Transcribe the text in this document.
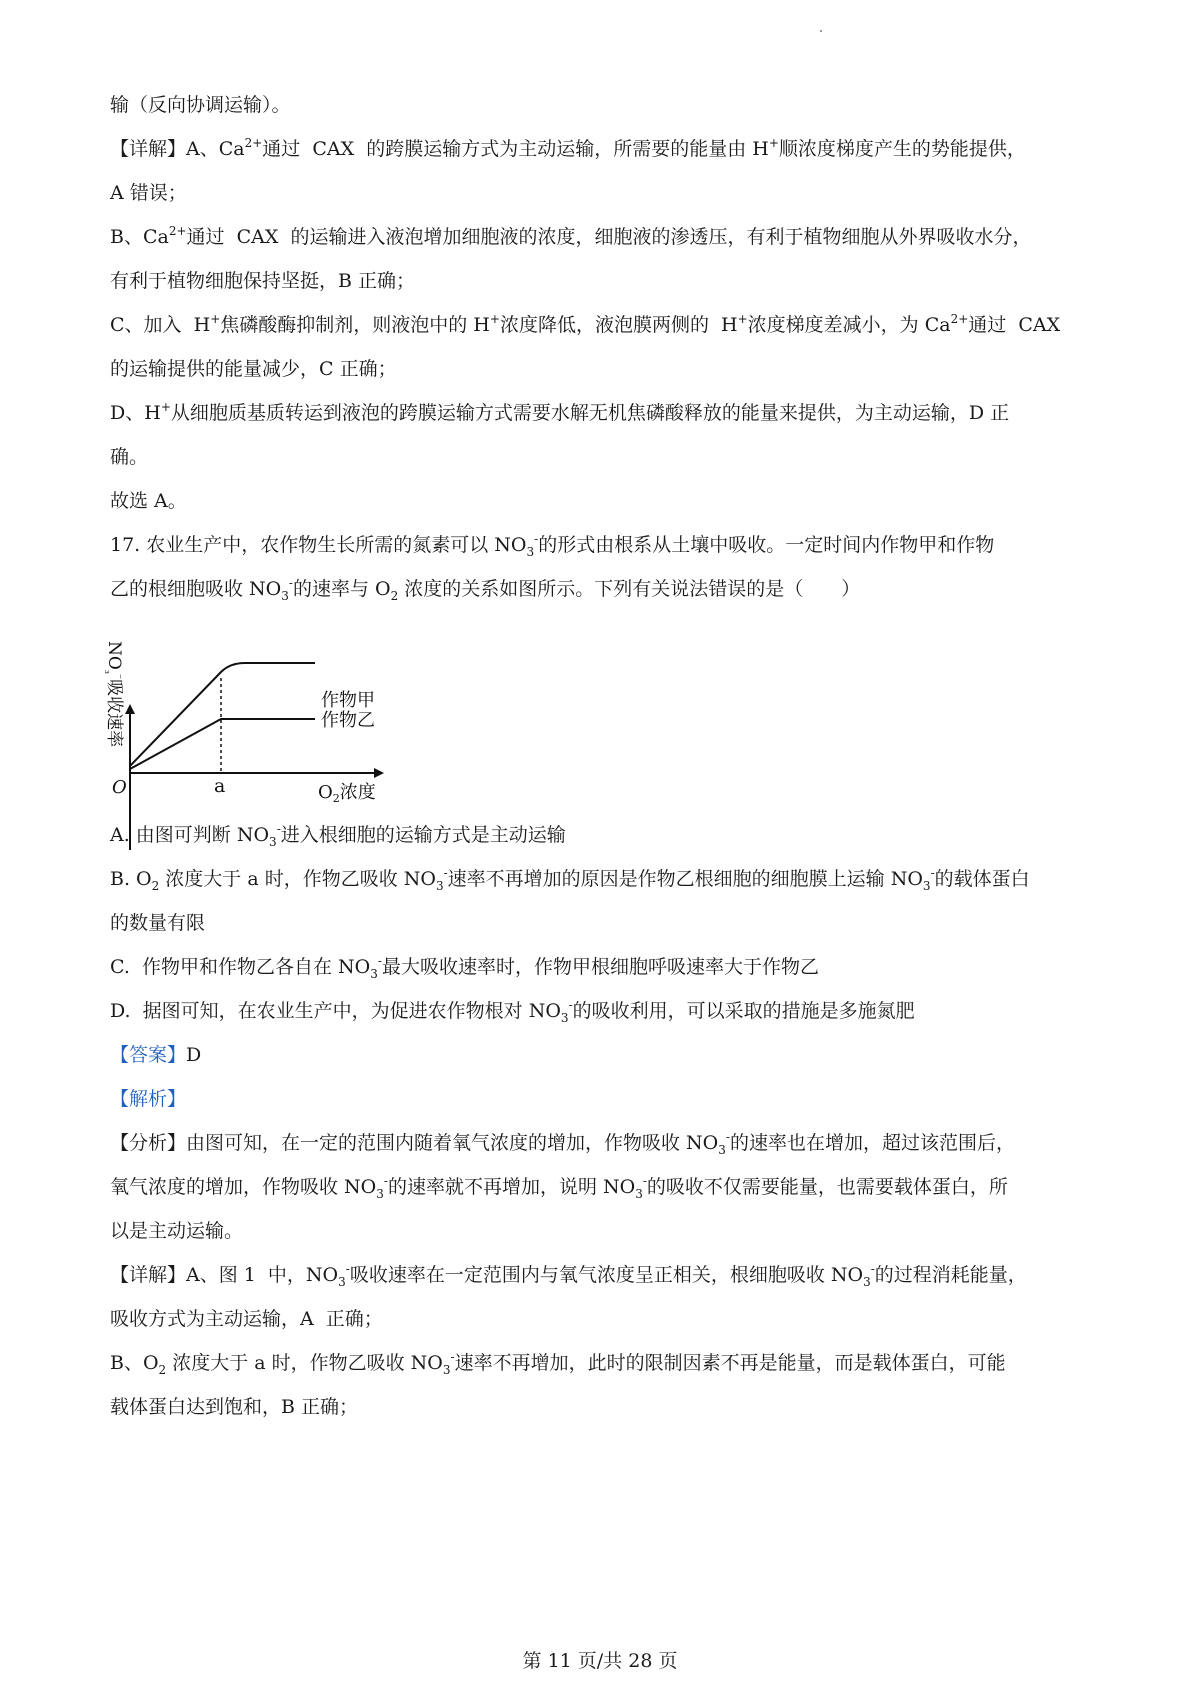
输（反向协调运输）。
【详解】A、$Ca^{2+}$通过  CAX  的跨膜运输方式为主动运输，所需要的能量由 H+顺浓度梯度产生的势能提供，
A 错误；
B、$Ca^{2+}$通过  CAX  的运输进入液泡增加细胞液的浓度，细胞液的渗透压，有利于植物细胞从外界吸收水分，
有利于植物细胞保持坚挺，B 正确；
C、加入  H+焦磷酸酶抑制剂，则液泡中的 H+浓度降低，液泡膜两侧的  H+浓度梯度差减小，为 $Ca^{2+}$通过  CAX
的运输提供的能量减少，C 正确；
D、H+从细胞质基质转运到液泡的跨膜运输方式需要水解无机焦磷酸释放的能量来提供，为主动运输，D 正
确。
故选 A。
17. 农业生产中，农作物生长所需的氮素可以 $NO_3^-$的形式由根系从土壤中吸收。一定时间内作物甲和作物
乙的根细胞吸收 $NO_3^-$的速率与 $O_2$ 浓度的关系如图所示。下列有关说法错误的是（　　）
O	a
作物甲
作物乙
$O_2$浓度
$NO_{_3}^{^-}$吸收速率
A. 由图可判断 $NO_3^-$进入根细胞的运输方式是主动运输
B. $O_2$ 浓度大于 a 时，作物乙吸收 $NO_3^-$速率不再增加的原因是作物乙根细胞的细胞膜上运输 $NO_3^-$的载体蛋白
的数量有限
C.  作物甲和作物乙各自在 $NO_3^-$最大吸收速率时，作物甲根细胞呼吸速率大于作物乙
D.  据图可知，在农业生产中，为促进农作物根对 $NO_3^-$的吸收利用，可以采取的措施是多施氮肥
【答案】D
【解析】
【分析】由图可知，在一定的范围内随着氧气浓度的增加，作物吸收 $NO_3^-$的速率也在增加，超过该范围后，
氧气浓度的增加，作物吸收 $NO_3^-$的速率就不再增加，说明 $NO_3^-$的吸收不仅需要能量，也需要载体蛋白，所
以是主动运输。
【详解】A、图 1  中，$NO_3^-$吸收速率在一定范围内与氧气浓度呈正相关，根细胞吸收 $NO_3^-$的过程消耗能量，
吸收方式为主动运输，A  正确；
B、$O_2$ 浓度大于 a 时，作物乙吸收 $NO_3^-$速率不再增加，此时的限制因素不再是能量，而是载体蛋白，可能
载体蛋白达到饱和，B 正确；
第 11 页/共 28 页
